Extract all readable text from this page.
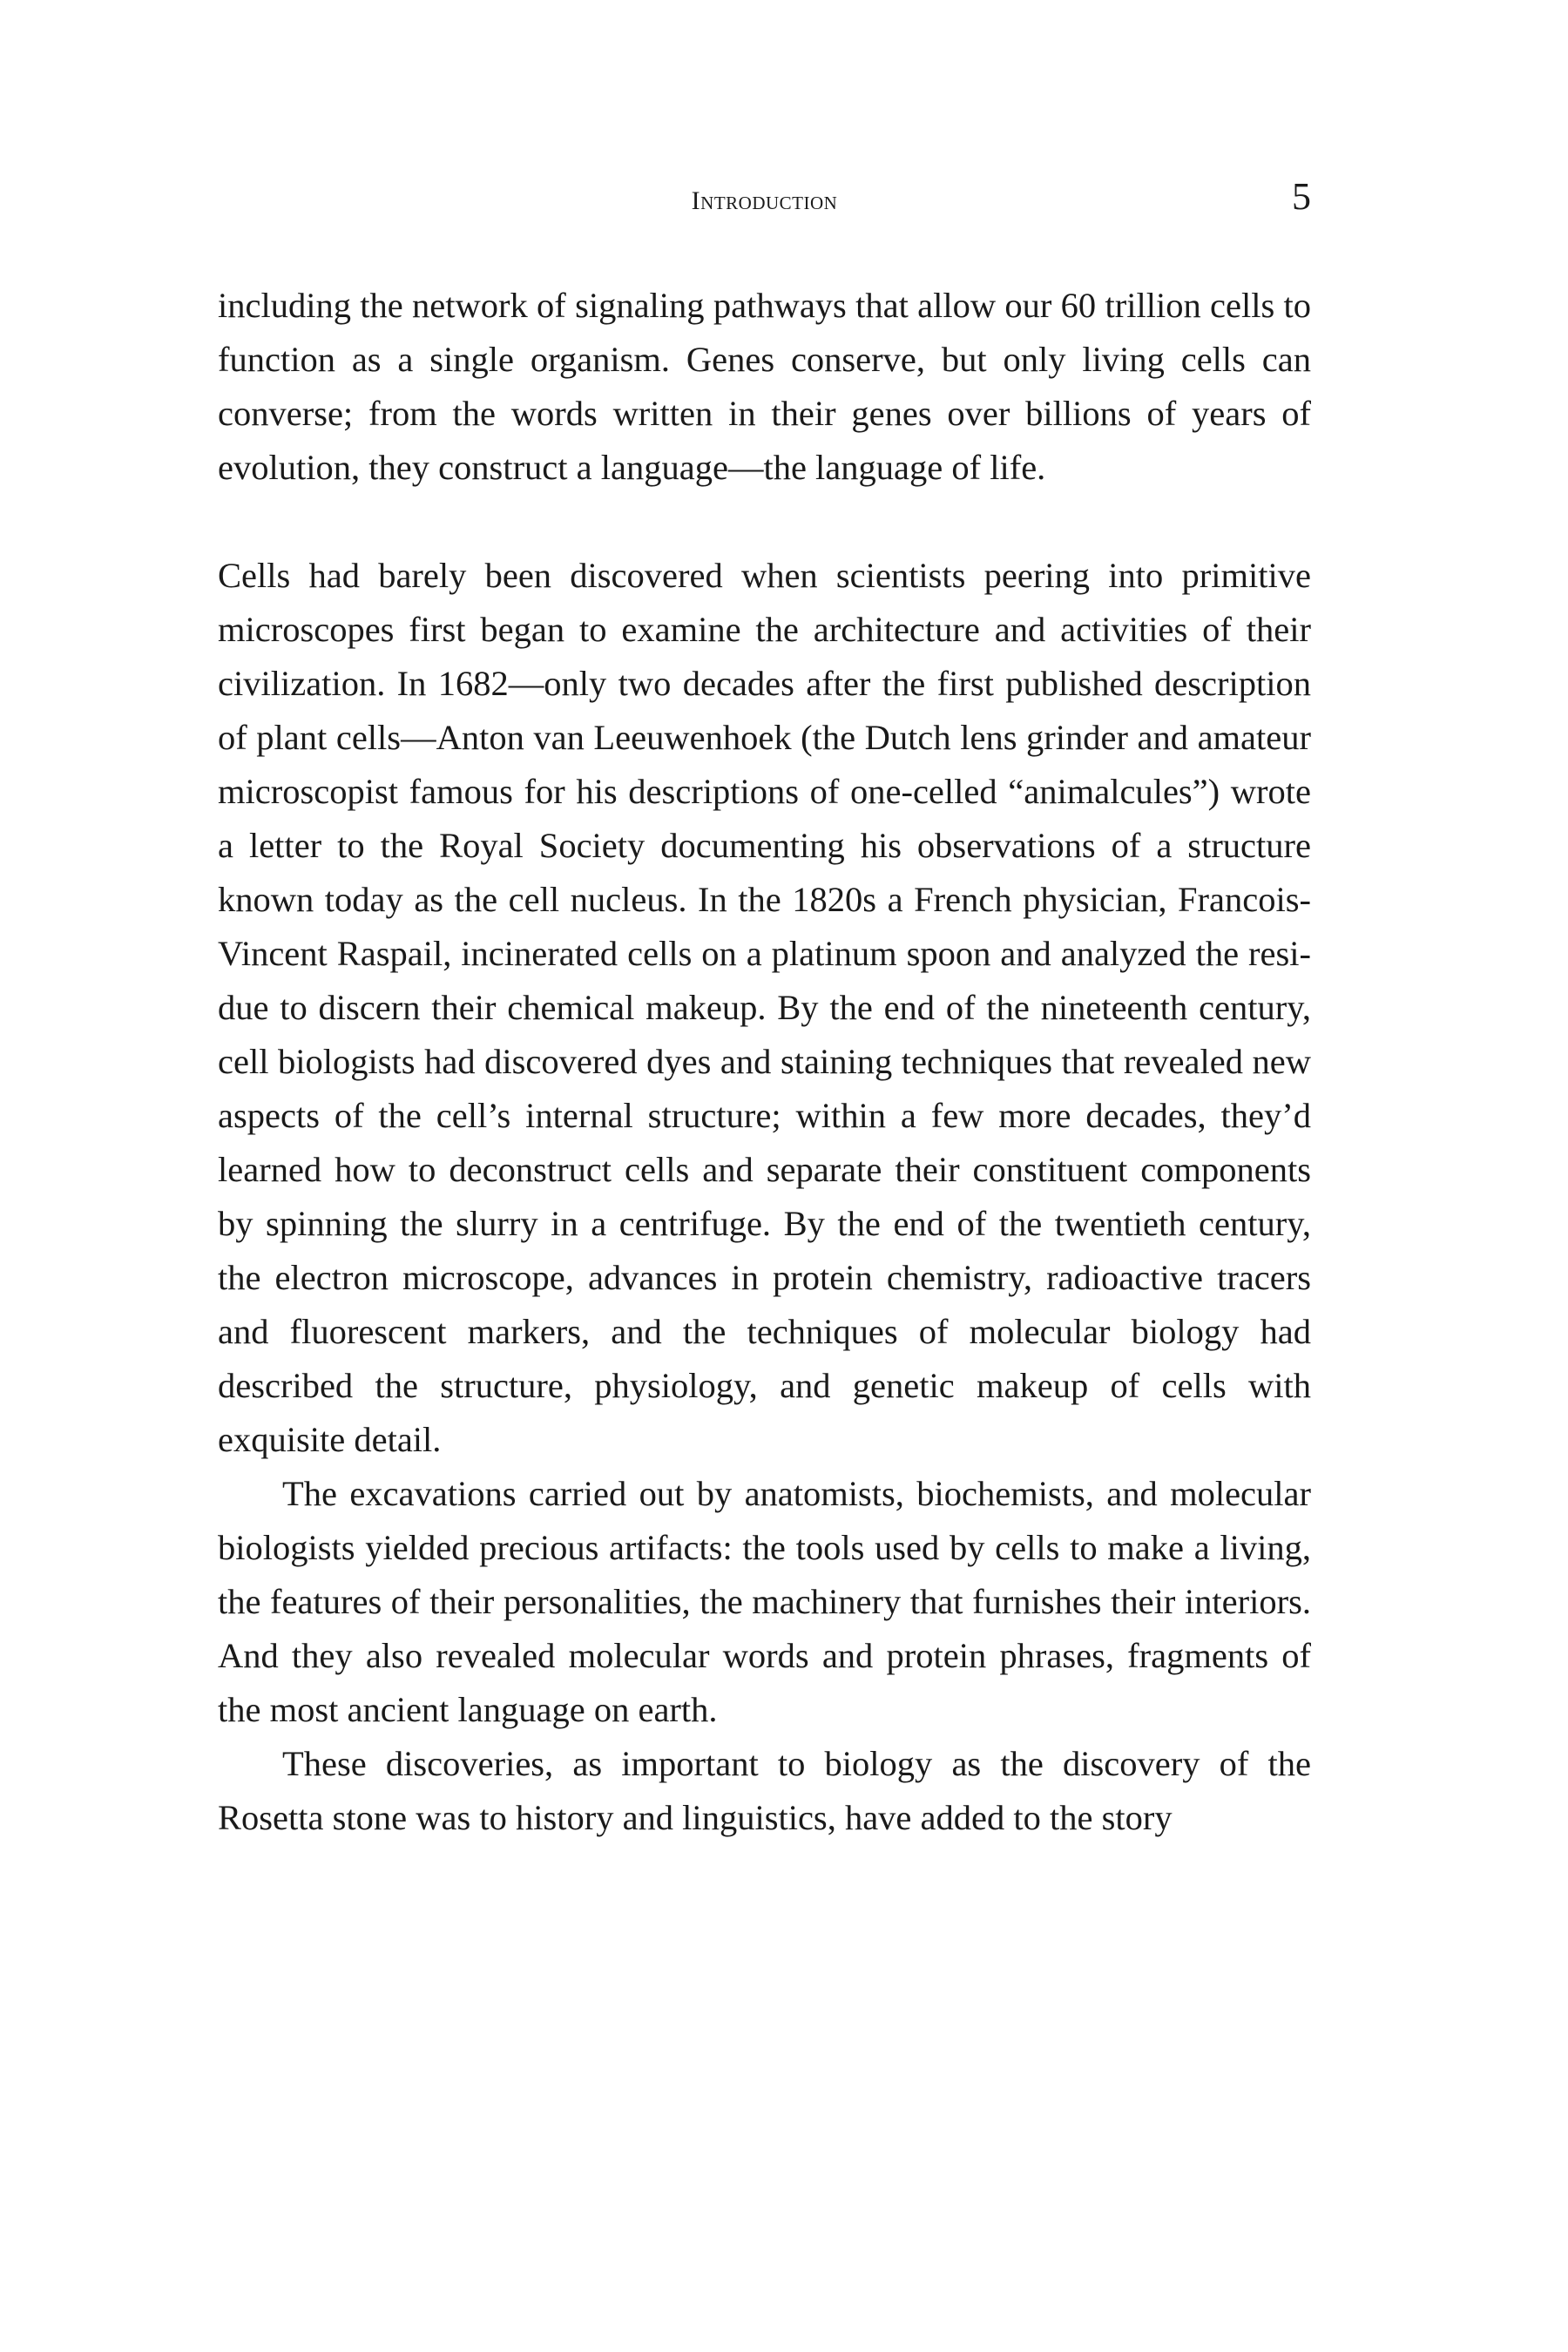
Introduction	5

including the network of signaling pathways that allow our 60 trillion cells to function as a single organism. Genes conserve, but only living cells can converse; from the words written in their genes over billions of years of evolution, they construct a language—the language of life.

Cells had barely been discovered when scientists peering into primitive microscopes first began to examine the architecture and activities of their civilization. In 1682—only two decades after the first published description of plant cells—Anton van Leeuwenhoek (the Dutch lens grinder and amateur microscopist famous for his descriptions of one-celled “animalcules”) wrote a letter to the Royal Society documenting his observations of a structure known today as the cell nucleus. In the 1820s a French physician, Francois-Vincent Raspail, incinerated cells on a platinum spoon and analyzed the residue to discern their chemical makeup. By the end of the nineteenth century, cell biologists had discovered dyes and staining techniques that revealed new aspects of the cell’s internal structure; within a few more decades, they’d learned how to deconstruct cells and separate their constituent components by spinning the slurry in a centrifuge. By the end of the twentieth century, the electron microscope, advances in protein chemistry, radioactive tracers and fluorescent markers, and the techniques of molecular biology had described the structure, physiology, and genetic makeup of cells with exquisite detail.

The excavations carried out by anatomists, biochemists, and molecular biologists yielded precious artifacts: the tools used by cells to make a living, the features of their personalities, the machinery that furnishes their interiors. And they also revealed molecular words and protein phrases, fragments of the most ancient language on earth.

These discoveries, as important to biology as the discovery of the Rosetta stone was to history and linguistics, have added to the story
